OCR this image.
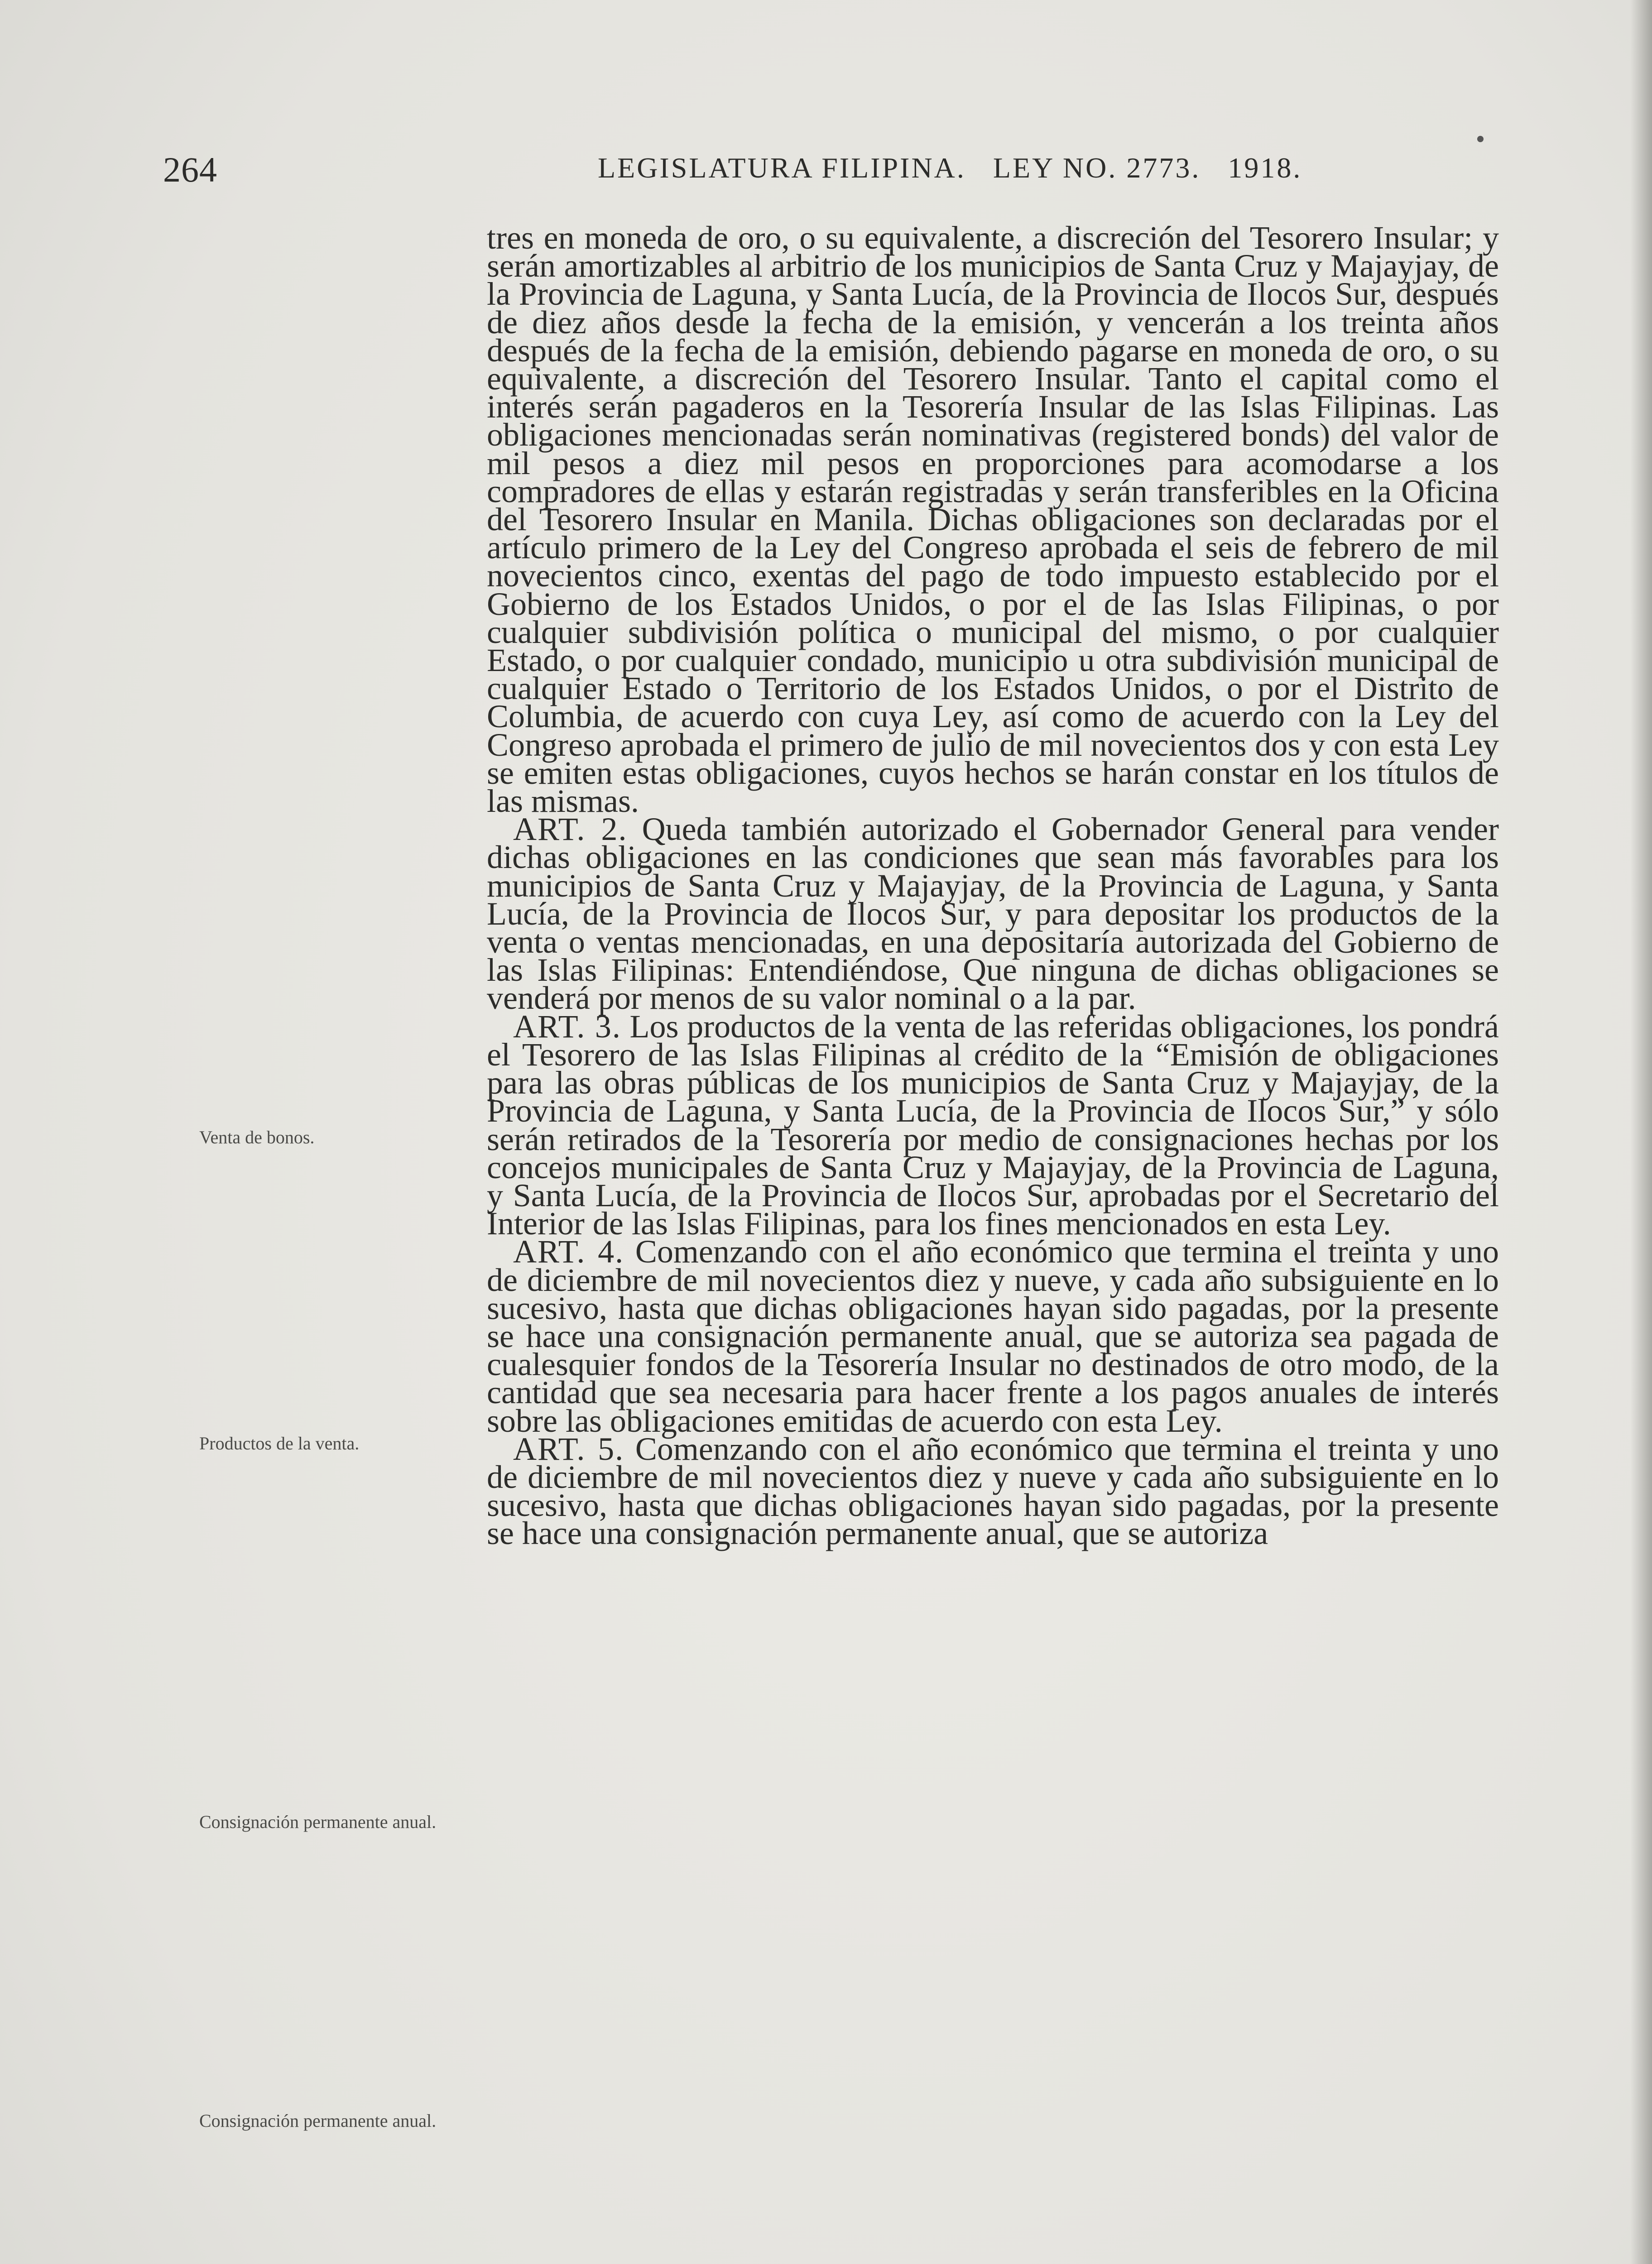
264	LEGISLATURA FILIPINA.   LEY NO. 2773.   1918.
Venta de bonos.
Productos de la venta.
Consignación permanente anual.
Consignación permanente anual.

tres en moneda de oro, o su equivalente, a discreción del Tesorero Insular; y serán amortizables al arbitrio de los municipios de Santa Cruz y Majayjay, de la Provincia de Laguna, y Santa Lucía, de la Provincia de Ilocos Sur, después de diez años desde la fecha de la emisión, y vencerán a los treinta años después de la fecha de la emisión, debiendo pagarse en moneda de oro, o su equivalente, a discreción del Tesorero Insular. Tanto el capital como el interés serán pagaderos en la Tesorería Insular de las Islas Filipinas. Las obligaciones mencionadas serán nominativas (registered bonds) del valor de mil pesos a diez mil pesos en proporciones para acomodarse a los compradores de ellas y estarán registradas y serán transferibles en la Oficina del Tesorero Insular en Manila. Dichas obligaciones son declaradas por el artículo primero de la Ley del Congreso aprobada el seis de febrero de mil novecientos cinco, exentas del pago de todo impuesto establecido por el Gobierno de los Estados Unidos, o por el de las Islas Filipinas, o por cualquier subdivisión política o municipal del mismo, o por cualquier Estado, o por cualquier condado, municipio u otra subdivisión municipal de cualquier Estado o Territorio de los Estados Unidos, o por el Distrito de Columbia, de acuerdo con cuya Ley, así como de acuerdo con la Ley del Congreso aprobada el primero de julio de mil novecientos dos y con esta Ley se emiten estas obligaciones, cuyos hechos se harán constar en los títulos de las mismas.

ART. 2. Queda también autorizado el Gobernador General para vender dichas obligaciones en las condiciones que sean más favorables para los municipios de Santa Cruz y Majayjay, de la Provincia de Laguna, y Santa Lucía, de la Provincia de Ilocos Sur, y para depositar los productos de la venta o ventas mencionadas, en una depositaría autorizada del Gobierno de las Islas Filipinas: Entendiéndose, Que ninguna de dichas obligaciones se venderá por menos de su valor nominal o a la par.

ART. 3. Los productos de la venta de las referidas obligaciones, los pondrá el Tesorero de las Islas Filipinas al crédito de la “Emisión de obligaciones para las obras públicas de los municipios de Santa Cruz y Majayjay, de la Provincia de Laguna, y Santa Lucía, de la Provincia de Ilocos Sur,” y sólo serán retirados de la Tesorería por medio de consignaciones hechas por los concejos municipales de Santa Cruz y Majayjay, de la Provincia de Laguna, y Santa Lucía, de la Provincia de Ilocos Sur, aprobadas por el Secretario del Interior de las Islas Filipinas, para los fines mencionados en esta Ley.

ART. 4. Comenzando con el año económico que termina el treinta y uno de diciembre de mil novecientos diez y nueve, y cada año subsiguiente en lo sucesivo, hasta que dichas obligaciones hayan sido pagadas, por la presente se hace una consignación permanente anual, que se autoriza sea pagada de cualesquier fondos de la Tesorería Insular no destinados de otro modo, de la cantidad que sea necesaria para hacer frente a los pagos anuales de interés sobre las obligaciones emitidas de acuerdo con esta Ley.

ART. 5. Comenzando con el año económico que termina el treinta y uno de diciembre de mil novecientos diez y nueve y cada año subsiguiente en lo sucesivo, hasta que dichas obligaciones hayan sido pagadas, por la presente se hace una consignación permanente anual, que se autoriza
